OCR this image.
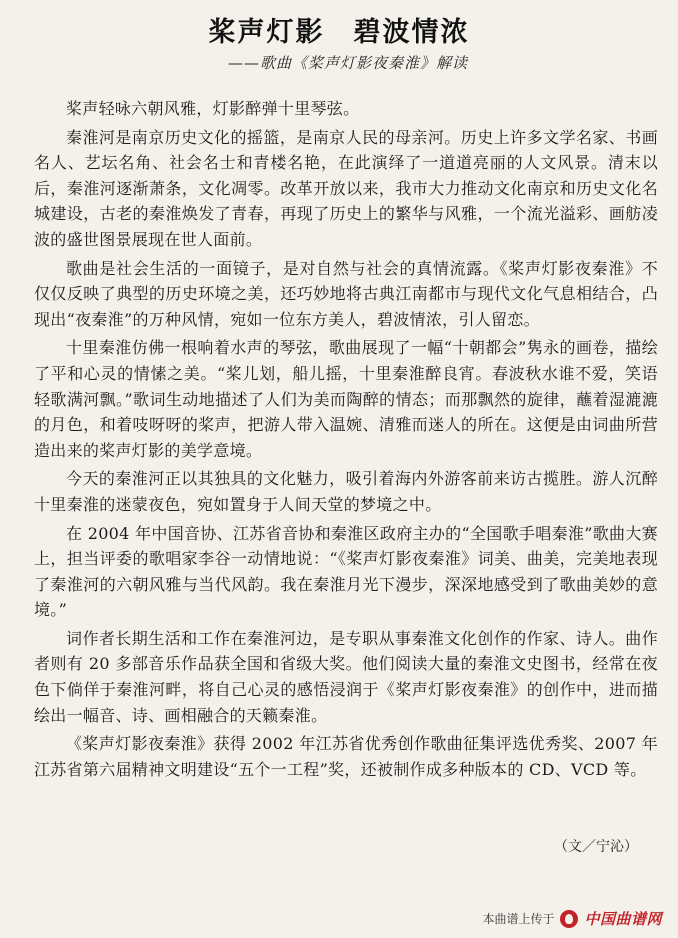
桨声灯影　碧波情浓
——歌曲《桨声灯影夜秦淮》解读

桨声轻咏六朝风雅，灯影醉弹十里琴弦。

秦淮河是南京历史文化的摇篮，是南京人民的母亲河。历史上许多文学名家、书画名人、艺坛名角、社会名士和青楼名艳，在此演绎了一道道亮丽的人文风景。清末以后，秦淮河逐渐萧条，文化凋零。改革开放以来，我市大力推动文化南京和历史文化名城建设，古老的秦淮焕发了青春，再现了历史上的繁华与风雅，一个流光溢彩、画舫凌波的盛世图景展现在世人面前。

歌曲是社会生活的一面镜子，是对自然与社会的真情流露。《桨声灯影夜秦淮》不仅仅反映了典型的历史环境之美，还巧妙地将古典江南都市与现代文化气息相结合，凸现出“夜秦淮”的万种风情，宛如一位东方美人，碧波情浓，引人留恋。

十里秦淮仿佛一根响着水声的琴弦，歌曲展现了一幅“十朝都会”隽永的画卷，描绘了平和心灵的情愫之美。“桨儿划，船儿摇，十里秦淮醉良宵。春波秋水谁不爱，笑语轻歌满河飘。”歌词生动地描述了人们为美而陶醉的情态；而那飘然的旋律，蘸着湿漉漉的月色，和着吱呀呀的桨声，把游人带入温婉、清雅而迷人的所在。这便是由词曲所营造出来的桨声灯影的美学意境。

今天的秦淮河正以其独具的文化魅力，吸引着海内外游客前来访古揽胜。游人沉醉十里秦淮的迷蒙夜色，宛如置身于人间天堂的梦境之中。

在 2004 年中国音协、江苏省音协和秦淮区政府主办的“全国歌手唱秦淮”歌曲大赛上，担当评委的歌唱家李谷一动情地说：“《桨声灯影夜秦淮》词美、曲美，完美地表现了秦淮河的六朝风雅与当代风韵。我在秦淮月光下漫步，深深地感受到了歌曲美妙的意境。”

词作者长期生活和工作在秦淮河边，是专职从事秦淮文化创作的作家、诗人。曲作者则有 20 多部音乐作品获全国和省级大奖。他们阅读大量的秦淮文史图书，经常在夜色下倘佯于秦淮河畔，将自己心灵的感悟浸润于《桨声灯影夜秦淮》的创作中，进而描绘出一幅音、诗、画相融合的天籁秦淮。

《桨声灯影夜秦淮》获得 2002 年江苏省优秀创作歌曲征集评选优秀奖、2007 年江苏省第六届精神文明建设“五个一工程”奖，还被制作成多种版本的 CD、VCD 等。

（文／宁沁）
本曲谱上传于 中国曲谱网
